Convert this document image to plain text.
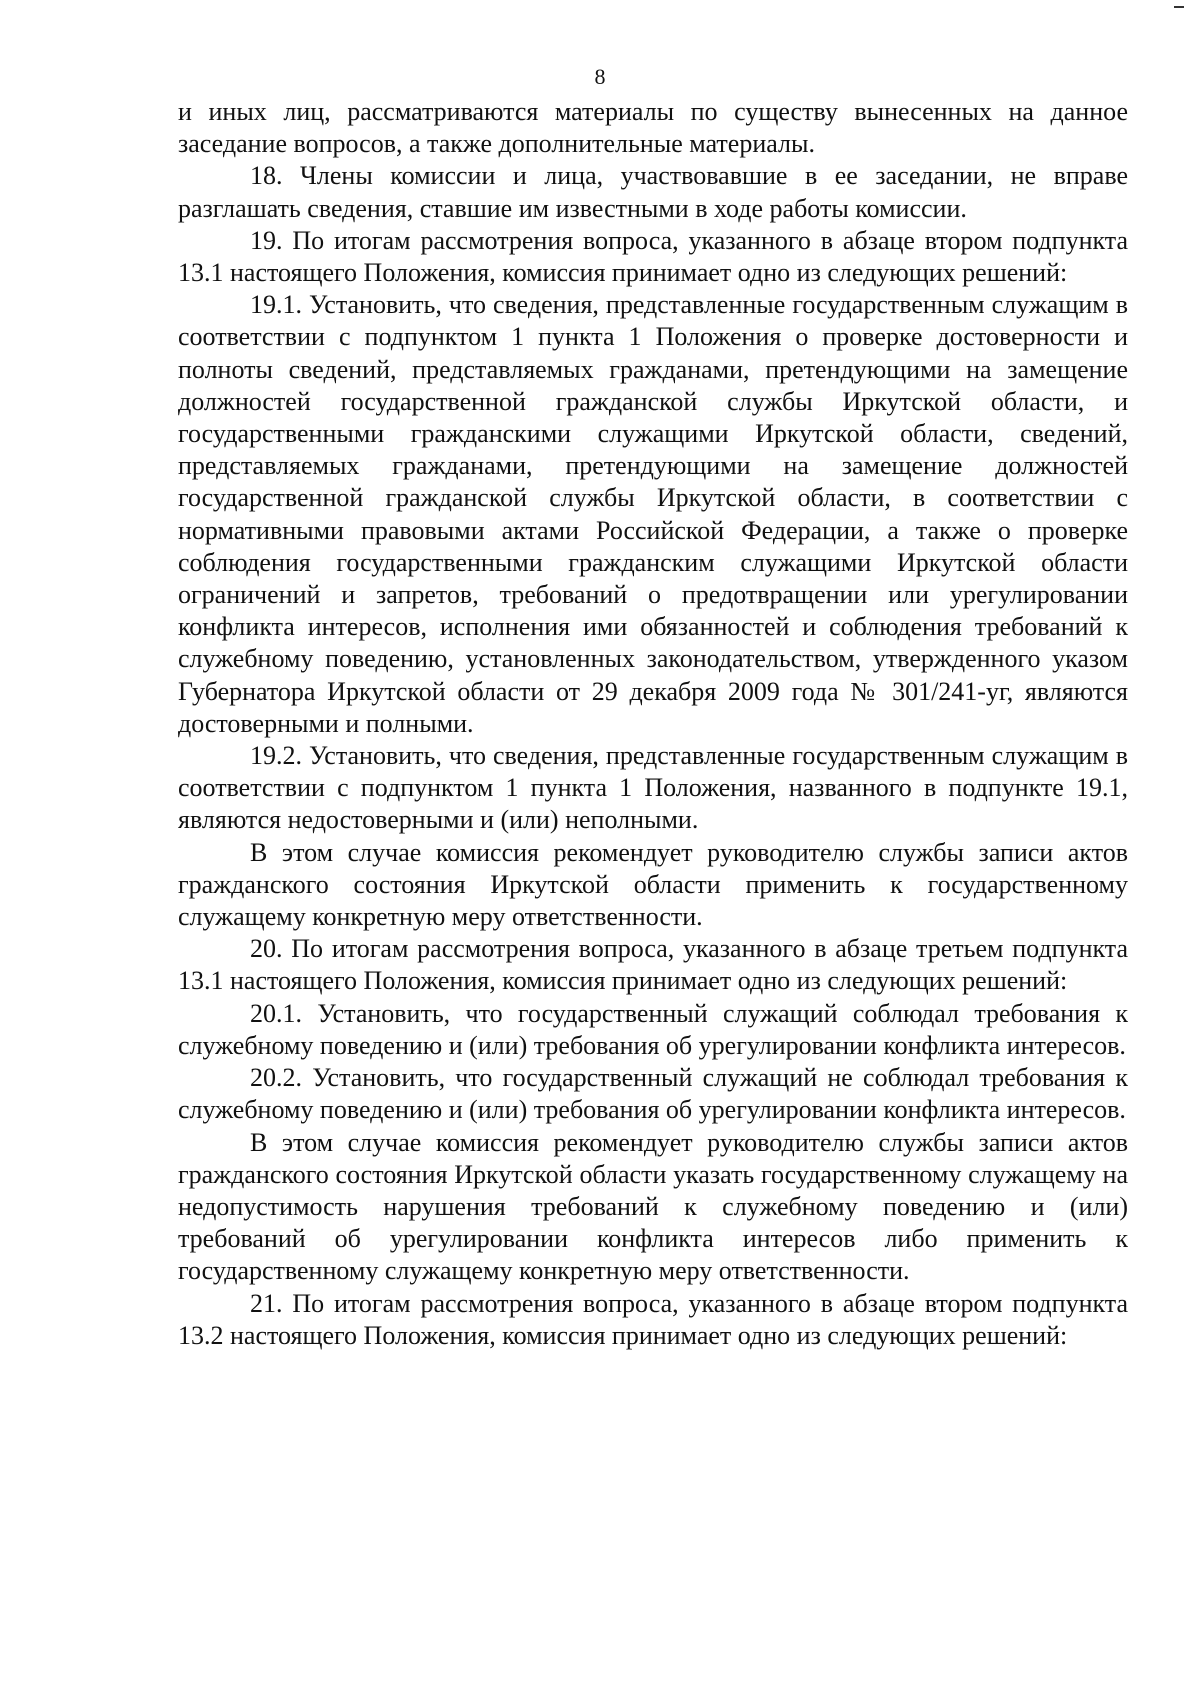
8

и иных лиц, рассматриваются материалы по существу вынесенных на данное заседание вопросов, а также дополнительные материалы.

18. Члены комиссии и лица, участвовавшие в ее заседании, не вправе разглашать сведения, ставшие им известными в ходе работы комиссии.

19. По итогам рассмотрения вопроса, указанного в абзаце втором подпункта 13.1 настоящего Положения, комиссия принимает одно из следующих решений:

19.1. Установить, что сведения, представленные государственным служащим в соответствии с подпунктом 1 пункта 1 Положения о проверке достоверности и полноты сведений, представляемых гражданами, претендующими на замещение должностей государственной гражданской службы Иркутской области, и государственными гражданскими служащими Иркутской области, сведений, представляемых гражданами, претендующими на замещение должностей государственной гражданской службы Иркутской области, в соответствии с нормативными правовыми актами Российской Федерации, а также о проверке соблюдения государственными гражданским служащими Иркутской области ограничений и запретов, требований о предотвращении или урегулировании конфликта интересов, исполнения ими обязанностей и соблюдения требований к служебному поведению, установленных законодательством, утвержденного указом Губернатора Иркутской области от 29 декабря 2009 года № 301/241-уг, являются достоверными и полными.

19.2. Установить, что сведения, представленные государственным служащим в соответствии с подпунктом 1 пункта 1 Положения, названного в подпункте 19.1, являются недостоверными и (или) неполными.

В этом случае комиссия рекомендует руководителю службы записи актов гражданского состояния Иркутской области применить к государственному служащему конкретную меру ответственности.

20. По итогам рассмотрения вопроса, указанного в абзаце третьем подпункта 13.1 настоящего Положения, комиссия принимает одно из следующих решений:

20.1. Установить, что государственный служащий соблюдал требования к служебному поведению и (или) требования об урегулировании конфликта интересов.

20.2. Установить, что государственный служащий не соблюдал требования к служебному поведению и (или) требования об урегулировании конфликта интересов.

В этом случае комиссия рекомендует руководителю службы записи актов гражданского состояния Иркутской области указать государственному служащему на недопустимость нарушения требований к служебному поведению и (или) требований об урегулировании конфликта интересов либо применить к государственному служащему конкретную меру ответственности.

21. По итогам рассмотрения вопроса, указанного в абзаце втором подпункта 13.2 настоящего Положения, комиссия принимает одно из следующих решений:
